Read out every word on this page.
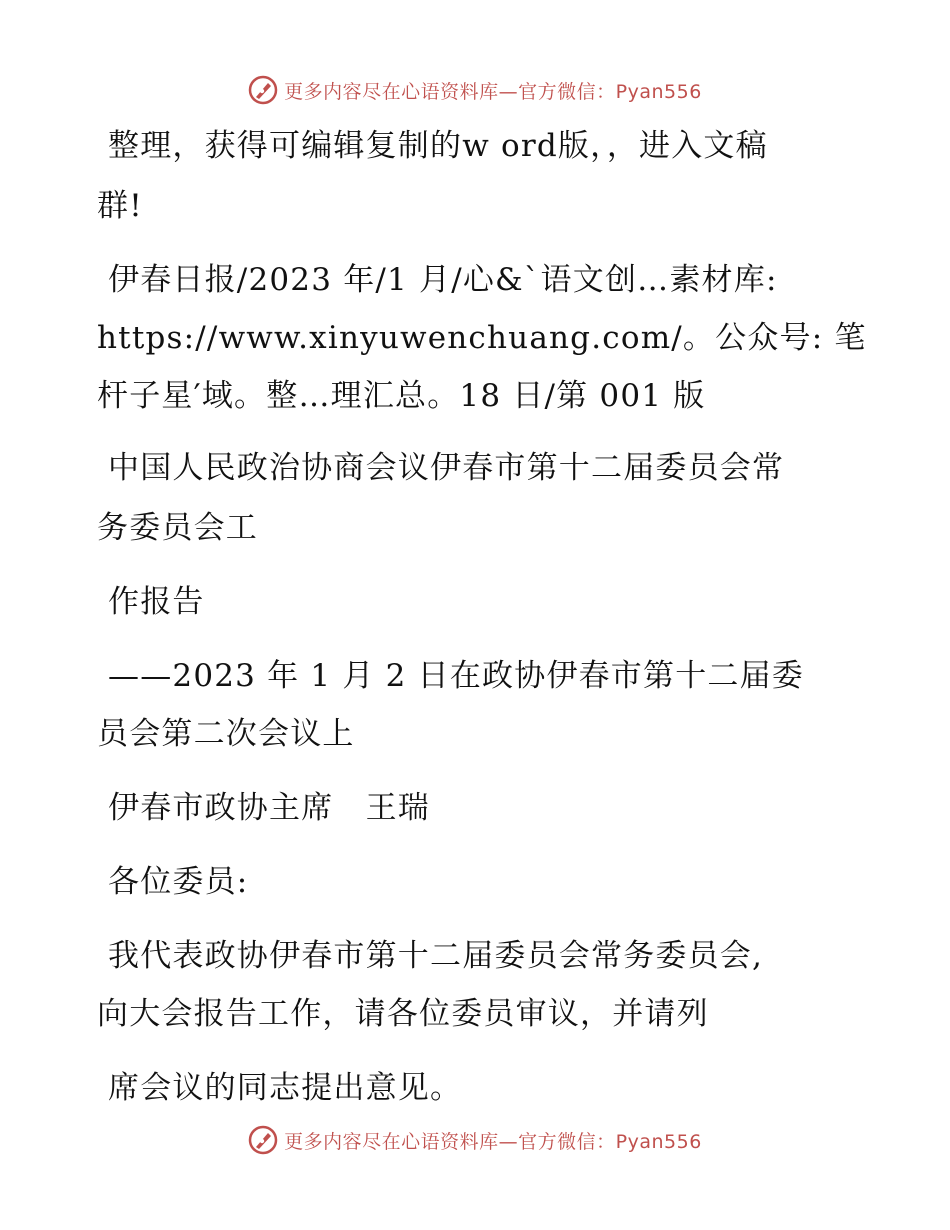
更多内容尽在心语资料库—官方微信：Pyan556
整理，获得可编辑复制的w ord版，，进入文稿
群!
伊春日报/2023 年/1 月/心&`语文创…素材库:
https://www.xinyuwenchuang.com/。公众号: 笔
杆子星′域。整…理汇总。18 日/第 001 版
中国人民政治协商会议伊春市第十二届委员会常
务委员会工
作报告
——2023 年 1 月 2 日在政协伊春市第十二届委
员会第二次会议上
伊春市政协主席　王瑞
各位委员:
我代表政协伊春市第十二届委员会常务委员会,
向大会报告工作，请各位委员审议，并请列
席会议的同志提出意见。
更多内容尽在心语资料库—官方微信：Pyan556
